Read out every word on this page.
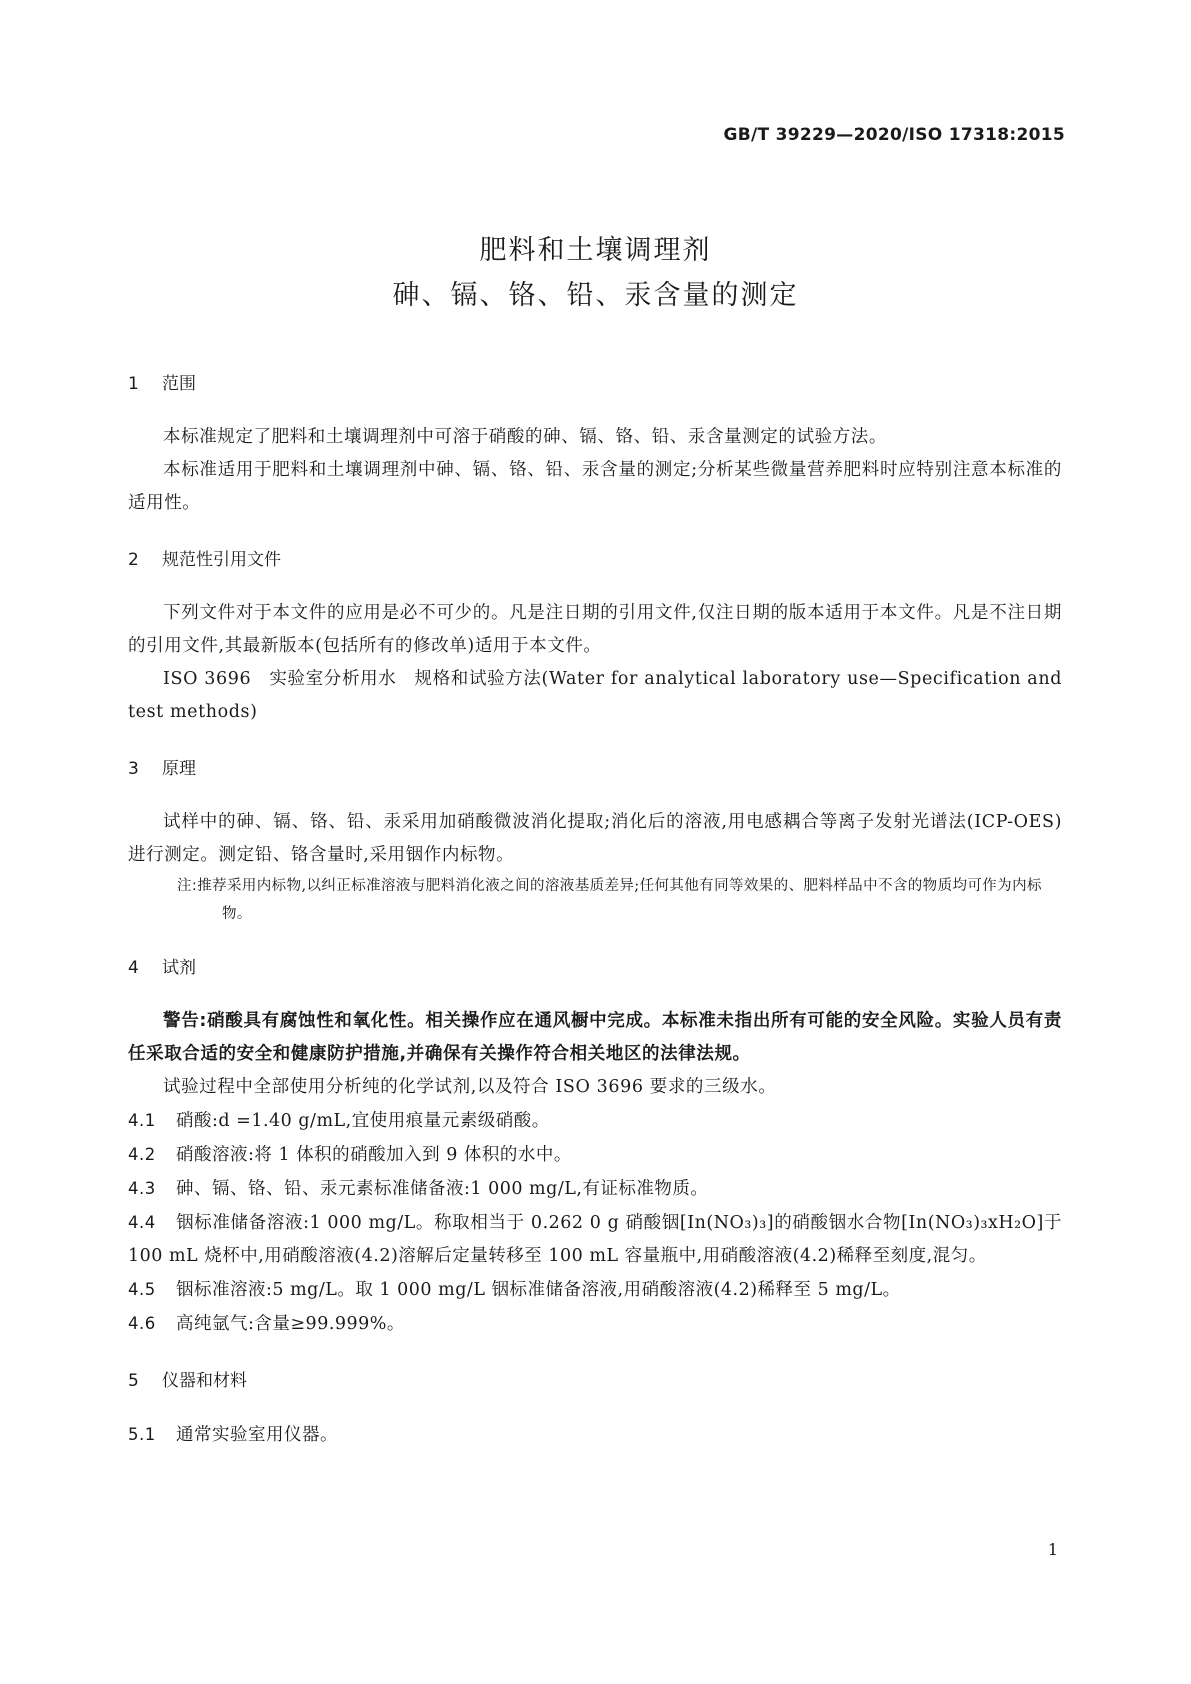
GB/T 39229—2020/ISO 17318:2015
肥料和土壤调理剂
砷、镉、铬、铅、汞含量的测定
1 范围

本标准规定了肥料和土壤调理剂中可溶于硝酸的砷、镉、铬、铅、汞含量测定的试验方法。

本标准适用于肥料和土壤调理剂中砷、镉、铬、铅、汞含量的测定;分析某些微量营养肥料时应特别注意本标准的适用性。

2 规范性引用文件

下列文件对于本文件的应用是必不可少的。凡是注日期的引用文件,仅注日期的版本适用于本文件。凡是不注日期的引用文件,其最新版本(包括所有的修改单)适用于本文件。

ISO 3696　实验室分析用水　规格和试验方法(Water for analytical laboratory use—Specification and test methods)

3 原理

试样中的砷、镉、铬、铅、汞采用加硝酸微波消化提取;消化后的溶液,用电感耦合等离子发射光谱法(ICP-OES)进行测定。测定铅、铬含量时,采用铟作内标物。

注:推荐采用内标物,以纠正标准溶液与肥料消化液之间的溶液基质差异;任何其他有同等效果的、肥料样品中不含的物质均可作为内标物。

4 试剂

警告:硝酸具有腐蚀性和氧化性。相关操作应在通风橱中完成。本标准未指出所有可能的安全风险。实验人员有责任采取合适的安全和健康防护措施,并确保有关操作符合相关地区的法律法规。

试验过程中全部使用分析纯的化学试剂,以及符合 ISO 3696 要求的三级水。

4.1 硝酸:d =1.40 g/mL,宜使用痕量元素级硝酸。

4.2 硝酸溶液:将 1 体积的硝酸加入到 9 体积的水中。

4.3 砷、镉、铬、铅、汞元素标准储备液:1 000 mg/L,有证标准物质。

4.4 铟标准储备溶液:1 000 mg/L。称取相当于 0.262 0 g 硝酸铟[In(NO₃)₃]的硝酸铟水合物[In(NO₃)₃xH₂O]于 100 mL 烧杯中,用硝酸溶液(4.2)溶解后定量转移至 100 mL 容量瓶中,用硝酸溶液(4.2)稀释至刻度,混匀。

4.5 铟标准溶液:5 mg/L。取 1 000 mg/L 铟标准储备溶液,用硝酸溶液(4.2)稀释至 5 mg/L。

4.6 高纯氩气:含量≥99.999%。

5 仪器和材料

5.1 通常实验室用仪器。

1
